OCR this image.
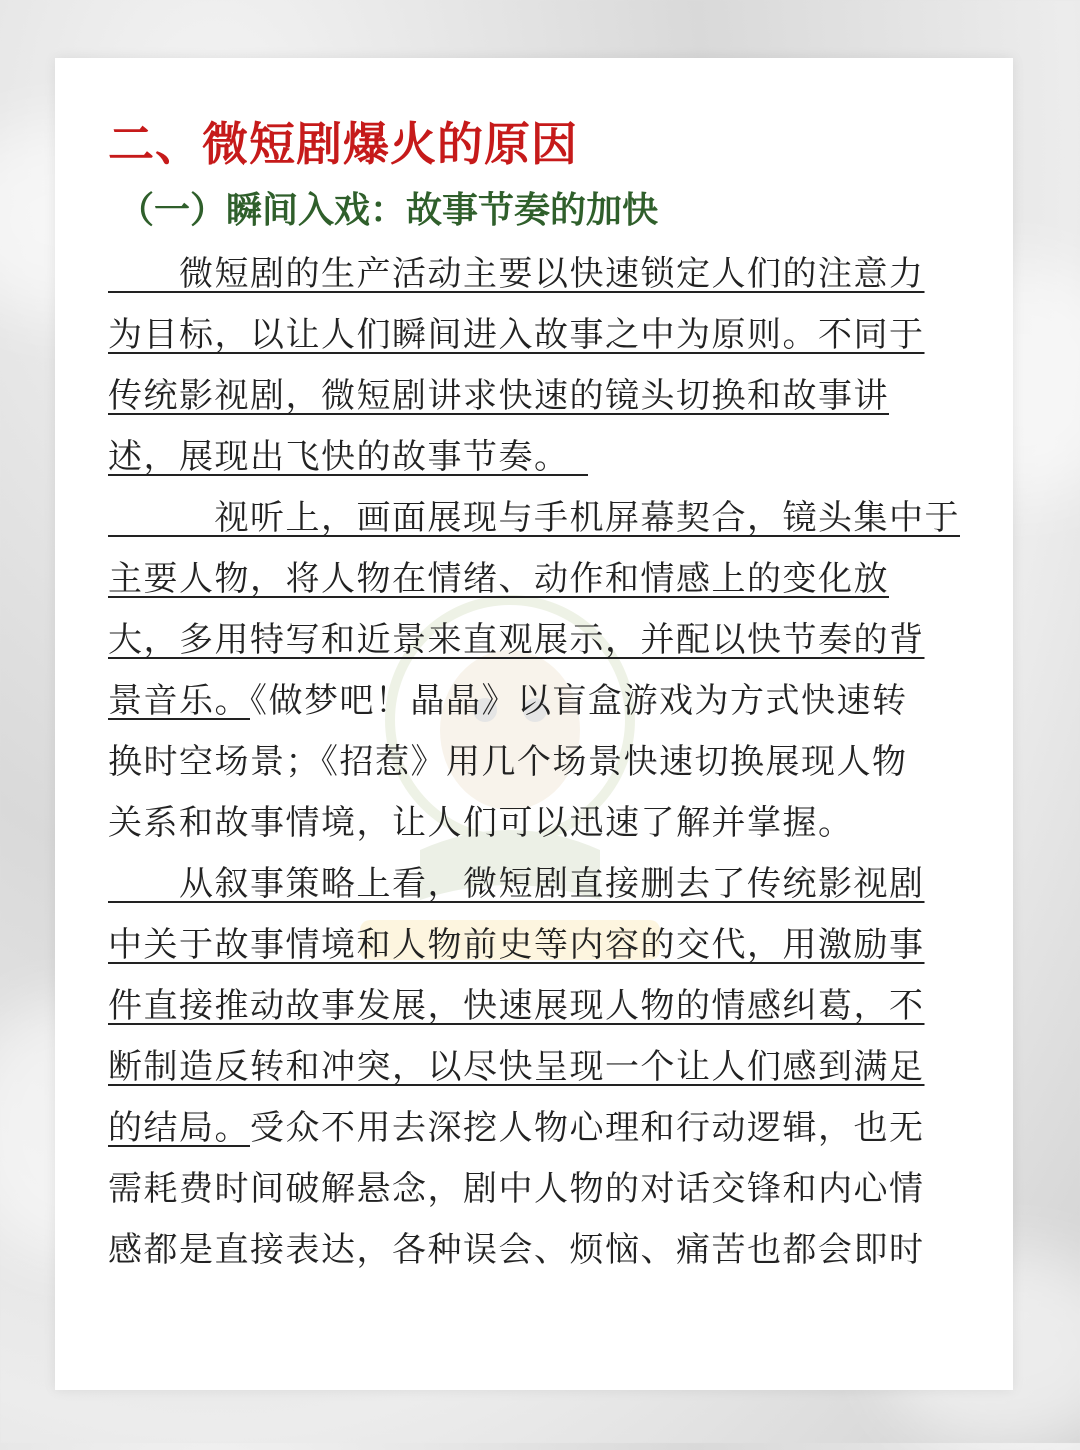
二、微短剧爆火的原因
（一）瞬间入戏：故事节奏的加快
　　微短剧的生产活动主要以快速锁定人们的注意力
为目标，以让人们瞬间进入故事之中为原则。不同于
传统影视剧，微短剧讲求快速的镜头切换和故事讲
述，展现出飞快的故事节奏。　
　　　视听上，画面展现与手机屏幕契合，镜头集中于
主要人物，将人物在情绪、动作和情感上的变化放
大，多用特写和近景来直观展示，并配以快节奏的背
景音乐。《做梦吧！晶晶》以盲盒游戏为方式快速转
换时空场景；《招惹》用几个场景快速切换展现人物
关系和故事情境，让人们可以迅速了解并掌握。
　　从叙事策略上看，微短剧直接删去了传统影视剧
中关于故事情境和人物前史等内容的交代，用激励事
件直接推动故事发展，快速展现人物的情感纠葛，不
断制造反转和冲突，以尽快呈现一个让人们感到满足
的结局。受众不用去深挖人物心理和行动逻辑，也无
需耗费时间破解悬念，剧中人物的对话交锋和内心情
感都是直接表达，各种误会、烦恼、痛苦也都会即时
